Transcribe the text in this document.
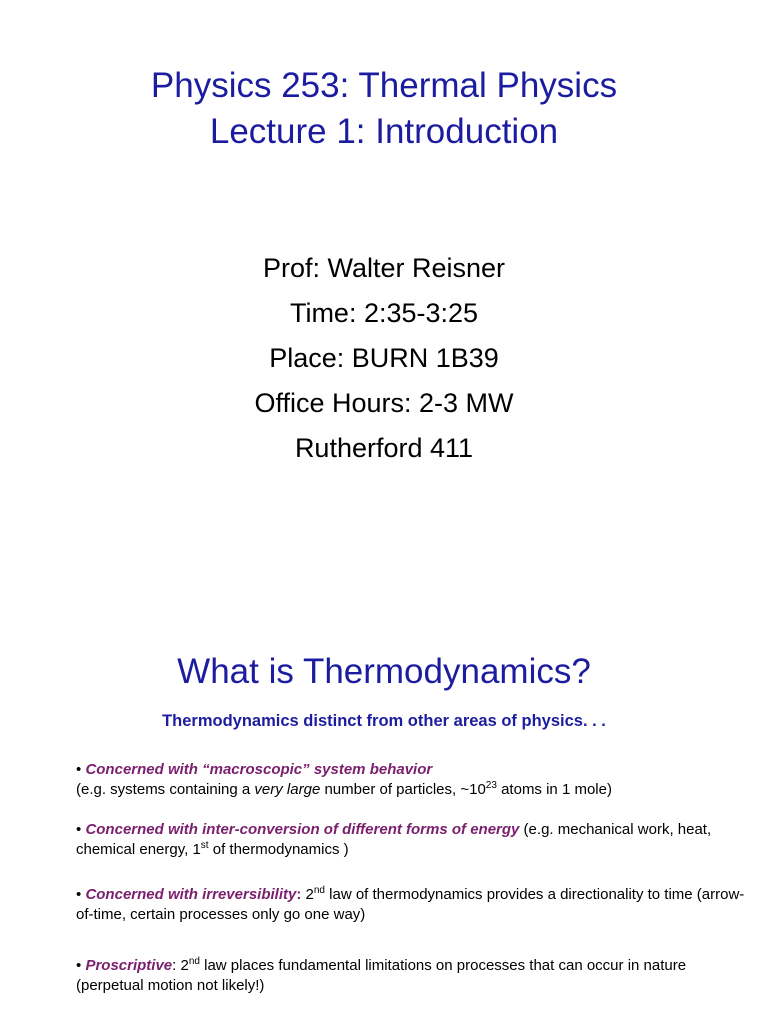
Physics 253: Thermal Physics
Lecture 1: Introduction
Prof: Walter Reisner
Time: 2:35-3:25
Place: BURN 1B39
Office Hours: 2-3 MW
Rutherford 411
What is Thermodynamics?
Thermodynamics distinct from other areas of physics. . .
• Concerned with “macroscopic” system behavior
(e.g. systems containing a very large number of particles, $\sim 10^{23}$ atoms in 1 mole)
• Concerned with inter-conversion of different forms of energy (e.g. mechanical work, heat, chemical energy, 1st of thermodynamics )
• Concerned with irreversibility: 2nd law of thermodynamics provides a directionality to time (arrow-of-time, certain processes only go one way)
• Proscriptive: 2nd law places fundamental limitations on processes that can occur in nature (perpetual motion not likely!)
